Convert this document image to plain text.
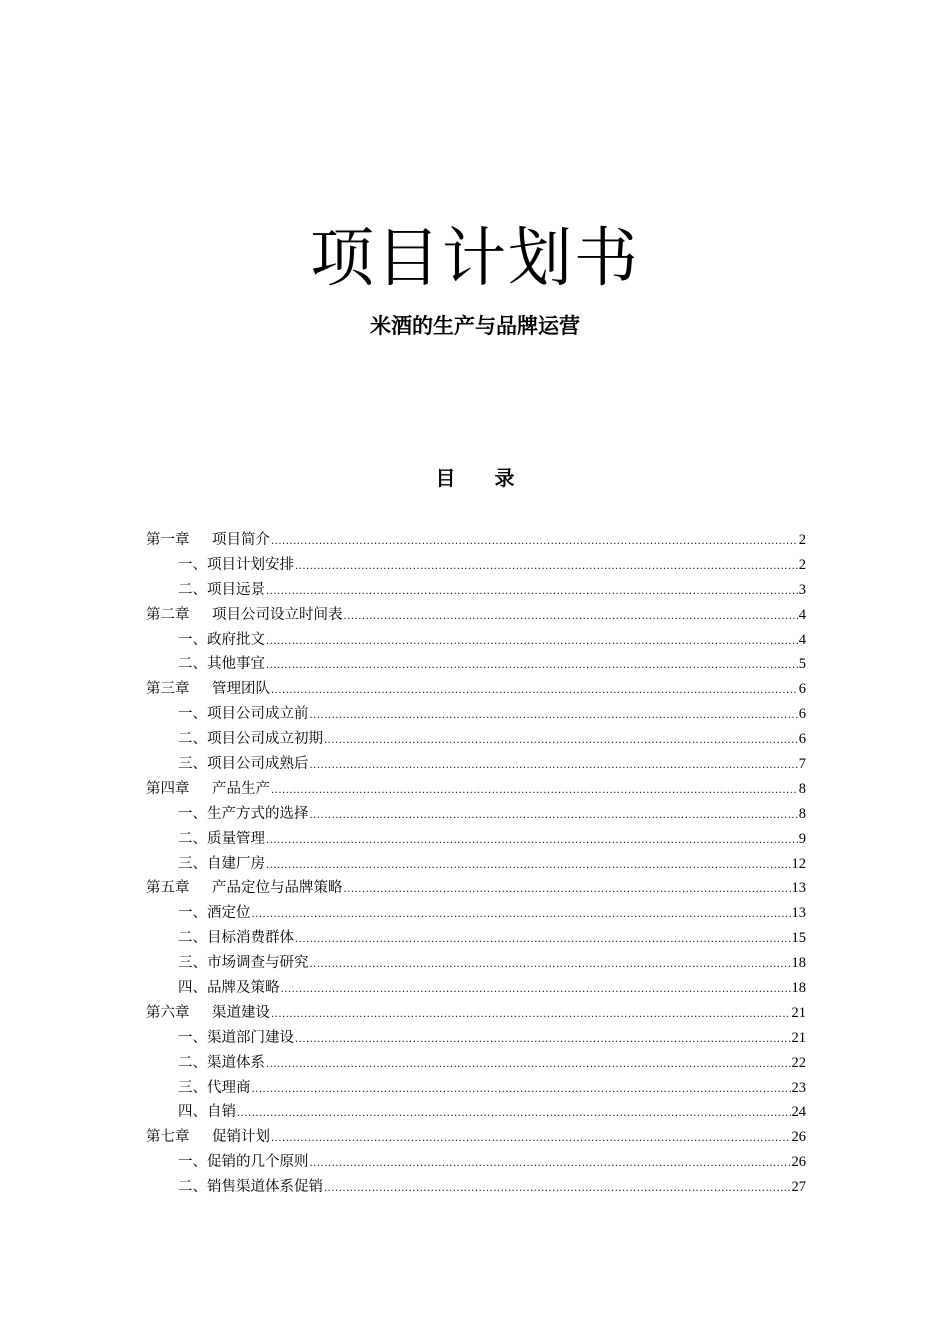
项目计划书
米酒的生产与品牌运营
目 录
第一章 项目简介 .....	2
一、项目计划安排 .....	2
二、项目远景 .....	3
第二章 项目公司设立时间表 .....	4
一、政府批文 .....	4
二、其他事宜 .....	5
第三章 管理团队 .....	6
一、项目公司成立前 .....	6
二、项目公司成立初期 .....	6
三、项目公司成熟后 .....	7
第四章 产品生产 .....	8
一、生产方式的选择 .....	8
二、质量管理 .....	9
三、自建厂房 .....	12
第五章 产品定位与品牌策略 .....	13
一、酒定位 .....	13
二、目标消费群体 .....	15
三、市场调查与研究 .....	18
四、品牌及策略 .....	18
第六章 渠道建设 .....	21
一、渠道部门建设 .....	21
二、渠道体系 .....	22
三、代理商 .....	23
四、自销 .....	24
第七章 促销计划 .....	26
一、促销的几个原则 .....	26
二、销售渠道体系促销 .....	27
